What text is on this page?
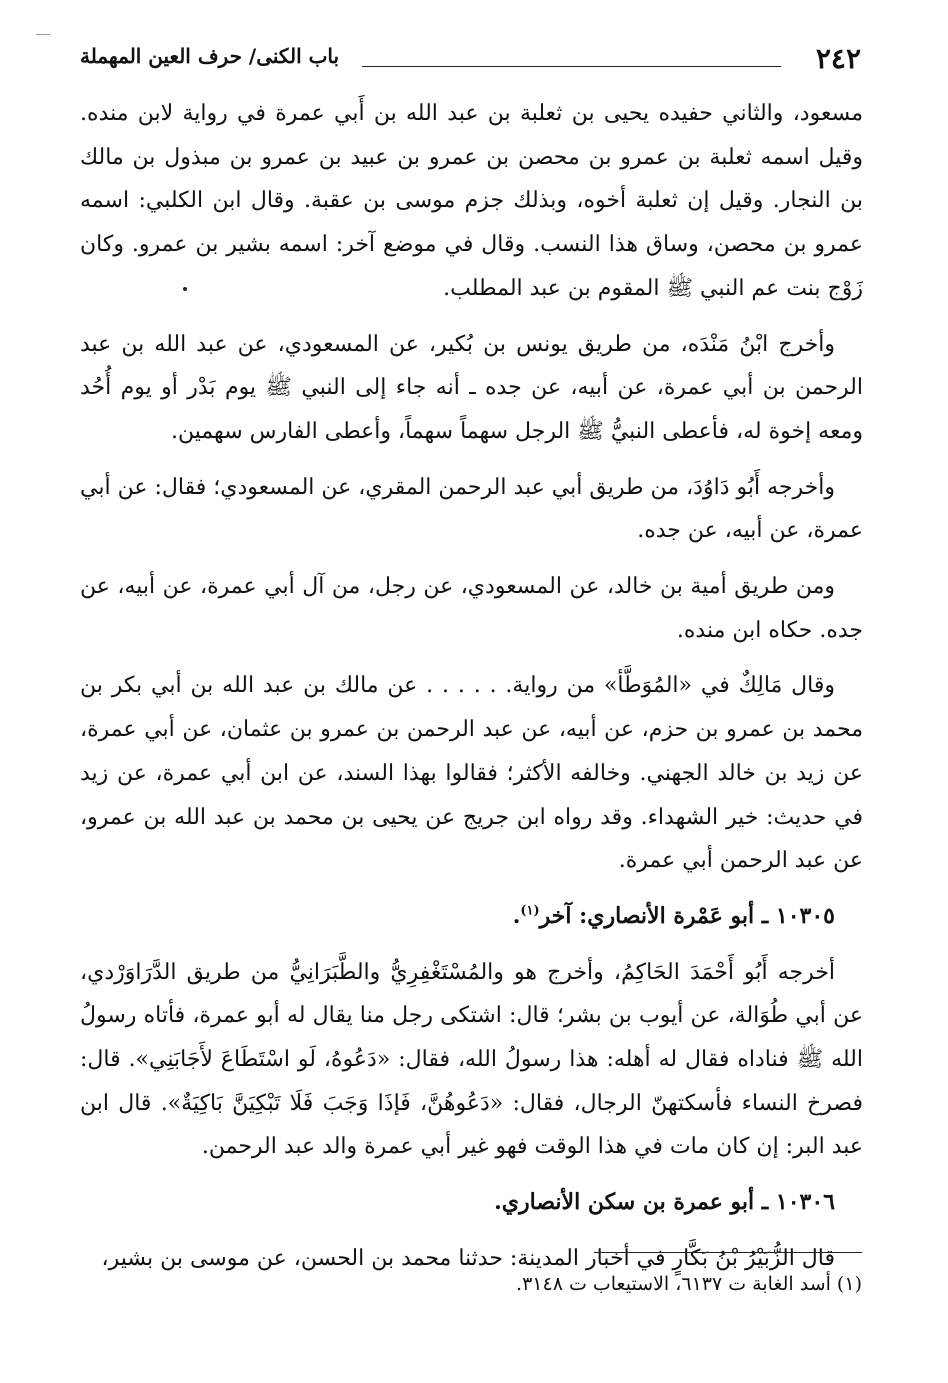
٢٤٢
باب الكنى/ حرف العين المهملة

مسعود، والثاني حفيده يحيى بن ثعلبة بن عبد الله بن أَبي عمرة في رواية لابن منده. وقيل اسمه ثعلبة بن عمرو بن محصن بن عمرو بن عبيد بن عمرو بن مبذول بن مالك بن النجار. وقيل إن ثعلبة أخوه، وبذلك جزم موسى بن عقبة. وقال ابن الكلبي: اسمه عمرو بن محصن، وساق هذا النسب. وقال في موضع آخر: اسمه بشير بن عمرو. وكان زَوْج بنت عم النبي ﷺ المقوم بن عبد المطلب.

وأخرج ابْنُ مَنْدَه، من طريق يونس بن بُكير، عن المسعودي، عن عبد الله بن عبد الرحمن بن أبي عمرة، عن أبيه، عن جده ـ أنه جاء إلى النبي ﷺ يوم بَدْر أو يوم أُحُد ومعه إخوة له، فأعطى النبيُّ ﷺ الرجل سهماً سهماً، وأعطى الفارس سهمين.

وأخرجه أَبُو دَاوُدَ، من طريق أبي عبد الرحمن المقري، عن المسعودي؛ فقال: عن أبي عمرة، عن أبيه، عن جده.

ومن طريق أمية بن خالد، عن المسعودي، عن رجل، من آل أبي عمرة، عن أبيه، عن جده. حكاه ابن منده.

وقال مَالِكٌ في «المُوَطَّأ» من رواية. . . . . . عن مالك بن عبد الله بن أبي بكر بن محمد بن عمرو بن حزم، عن أبيه، عن عبد الرحمن بن عمرو بن عثمان، عن أبي عمرة، عن زيد بن خالد الجهني. وخالفه الأكثر؛ فقالوا بهذا السند، عن ابن أبي عمرة، عن زيد في حديث: خير الشهداء. وقد رواه ابن جريج عن يحيى بن محمد بن عبد الله بن عمرو، عن عبد الرحمن أبي عمرة.

١٠٣٠٥ ـ أبو عَمْرة الأنصاري: آخر$^{(١)}$.

أخرجه أَبُو أَحْمَدَ الحَاكِمُ، وأخرج هو والمُسْتَغْفِرِيُّ والطَّبَرَانِيُّ من طريق الدَّرَاوَرْدي، عن أبي طُوَالة، عن أيوب بن بشر؛ قال: اشتكى رجل منا يقال له أبو عمرة، فأتاه رسولُ الله ﷺ فناداه فقال له أهله: هذا رسولُ الله، فقال: «دَعُوهُ، لَو اسْتَطَاعَ لأَجَابَنِي». قال: فصرخ النساء فأسكتهنّ الرجال، فقال: «دَعُوهُنَّ، فَإذَا وَجَبَ فَلَا تَبْكِيَنَّ بَاكِيَةٌ». قال ابن عبد البر: إن كان مات في هذا الوقت فهو غير أبي عمرة والد عبد الرحمن.

١٠٣٠٦ ـ أبو عمرة بن سكن الأنصاري.

قال الزُّبَيْرُ بْنُ بَكَّارٍ في أخبار المدينة: حدثنا محمد بن الحسن، عن موسى بن بشير،

(١) أسد الغابة ت ٦١٣٧، الاستيعاب ت ٣١٤٨.
